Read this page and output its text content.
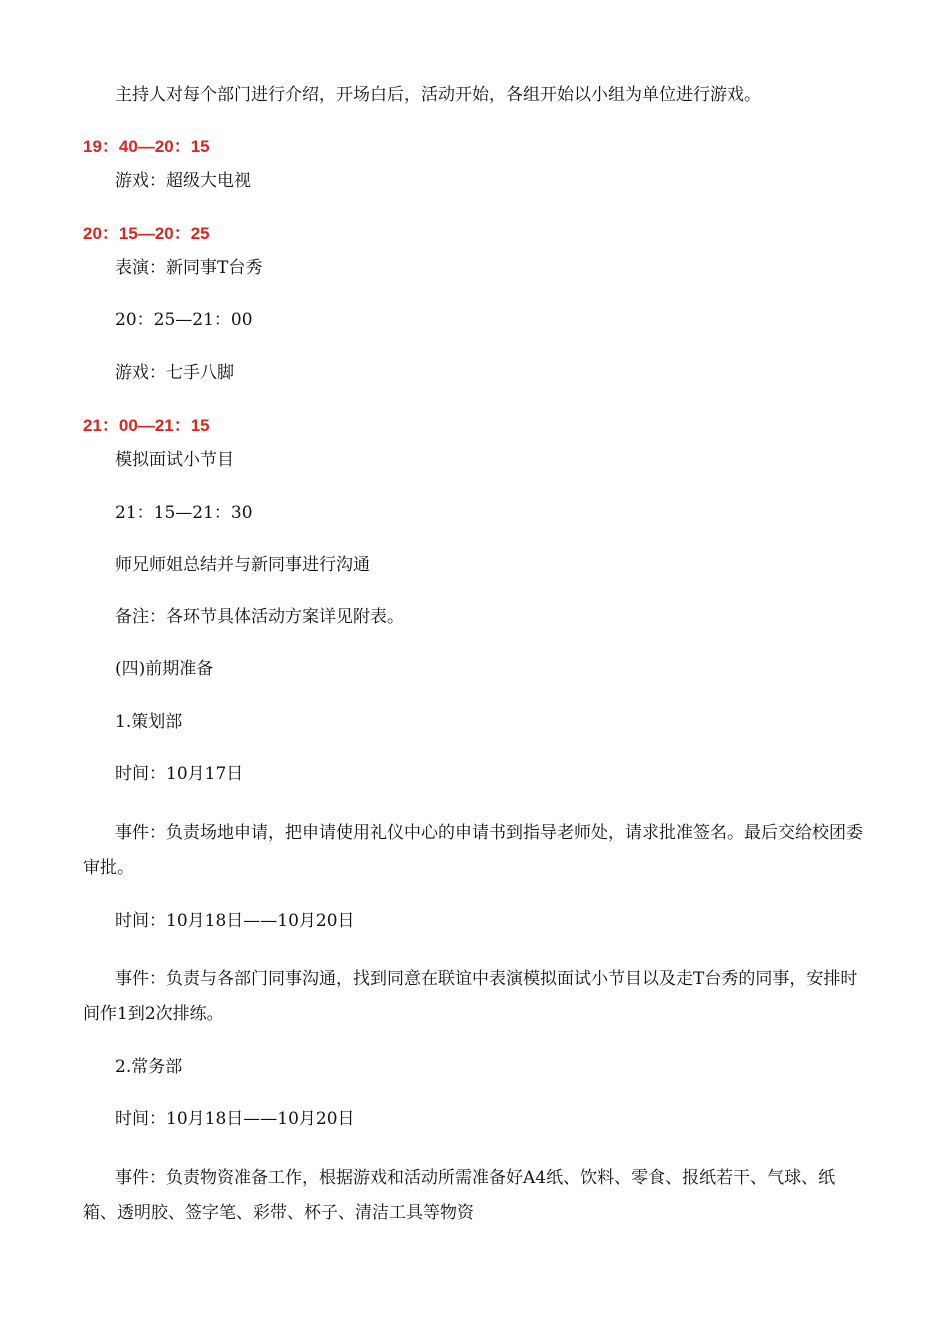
主持人对每个部门进行介绍，开场白后，活动开始，各组开始以小组为单位进行游戏。
19：40—20：15
游戏：超级大电视
20：15—20：25
表演：新同事T台秀
20：25—21：00
游戏：七手八脚
21：00—21：15
模拟面试小节目
21：15—21：30
师兄师姐总结并与新同事进行沟通
备注：各环节具体活动方案详见附表。
(四)前期准备
1.策划部
时间：10月17日
事件：负责场地申请，把申请使用礼仪中心的申请书到指导老师处，请求批准签名。最后交给校团委审批。
时间：10月18日——10月20日
事件：负责与各部门同事沟通，找到同意在联谊中表演模拟面试小节目以及走T台秀的同事，安排时间作1到2次排练。
2.常务部
时间：10月18日——10月20日
事件：负责物资准备工作，根据游戏和活动所需准备好A4纸、饮料、零食、报纸若干、气球、纸箱、透明胶、签字笔、彩带、杯子、清洁工具等物资
